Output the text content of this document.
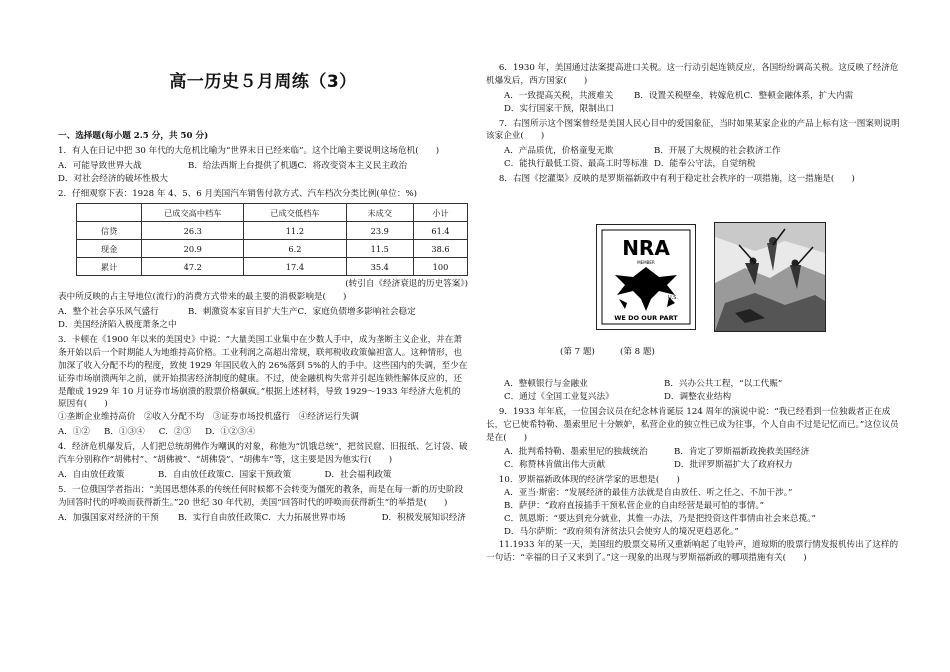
高一历史５月周练（3）

一、选择题(每小题 2.5 分，共 50 分)

1．有人在日记中把 30 年代的大危机比喻为“世界末日已经来临”。这个比喻主要说明这场危机(　　)

A．可能导致世界大战	B．给法西斯上台提供了机遇 C．将改变资本主义民主政治
D．对社会经济的破坏性极大

2．仔细观察下表：1928 年 4、5、6 月美国汽车销售付款方式、汽车档次分类比例(单位：%)

	已成交高中档车	已成交低档车	未成交	小计
信贷	26.3	11.2	23.9	61.4
现金	20.9	6.2	11.5	38.6
累计	47.2	17.4	35.4	100

(转引自《经济衰退的历史答案》)

表中所反映的占主导地位(流行)的消费方式带来的最主要的消极影响是(　　)

A．整个社会享乐风气盛行	B．刺激资本家盲目扩大生产 C．家庭负债增多影响社会稳定
D．美国经济陷入极度萧条之中

3．卡顿在《1900 年以来的美国史》中说：“大量美国工业集中在少数人手中，成为垄断主义企业，并在萧条开始以后一个时期能人为地维持高价格。工业利润之高超出常规，联邦税收政策偏袒富人。这种情形，也加深了收入分配不均的程度，致使 1929 年国民收入的 26%落到 5%的人的手中。这些国内的失调，至少在证券市场崩溃两年之前，就开始损害经济制度的健康。不过，使金融机构失常并引起连锁性解体反应的，还是酿成 1929 年 10 月证券市场崩溃的股票价格飙疯。”根据上述材料，导致 1929～1933 年经济大危机的原因有(　　)

①垄断企业维持高价　②收入分配不均　③证券市场投机盛行　④经济运行失调

A．①② B．①③④ C．②③ D．①②③④

4．经济危机爆发后，人们把总统胡佛作为嘲讽的对象，称他为“饥饿总统”，把贫民窟、旧报纸、乞讨袋、破汽车分别称作“胡佛村”、“胡佛被”、“胡佛袋”、“胡佛车”等，这主要是因为他实行(　　)

A．自由放任政策	B．自由放任政策 C．国家干预政策	D．社会福利政策

5．一位俄国学者指出：“美国思想体系的传统任何时候都不会转变为僵死的教条，而是在每一新的历史阶段为回答时代的呼唤而获得新生。”20 世纪 30 年代初，美国“回答时代的呼唤而获得新生”的举措是(　　)

A．加强国家对经济的干预	B．实行自由放任政策 C．大力拓展世界市场	D．积极发展知识经济

6．1930 年，美国通过法案提高进口关税。这一行动引起连锁反应，各国纷纷调高关税。这反映了经济危机爆发后，西方国家(　　)

A．一致提高关税，共渡难关	B．设置关税壁垒，转嫁危机 C．整顿金融体系，扩大内需
D．实行国家干预，限制出口

7．右图所示这个图案曾经是美国人民心目中的爱国象征，当时如果某家企业的产品上标有这一图案则说明该家企业(　　)

A．产品质优，价格童叟无欺	B．开展了大规模的社会救济工作
C．能执行最低工资、最高工时等标准 D．能奉公守法，自觉纳税

8．右图《挖灌渠》反映的是罗斯福新政中有利于稳定社会秩序的一项措施，这一措施是(　　)

NRA
MEMBER
U.S.
WE DO OUR PART
(第 7 题)	(第 8 题)
A．整顿银行与金融业	B．兴办公共工程，“以工代赈”
C．通过《全国工业复兴法》	D．调整农业结构

9．1933 年年底，一位国会议员在纪念林肯诞辰 124 周年的演说中说：“我已经看到一位独裁者正在成长，它已使希特勒、墨索里尼十分嫉妒，私营企业的独立性已成为往事，个人自由不过是记忆而已。”这位议员是在(　　)

A．批判希特勒、墨索里尼的独裁统治	B．肯定了罗斯福新政挽救美国经济
C．称赞林肯做出伟大贡献	D．批评罗斯福扩大了政府权力

10．罗斯福新政体现的经济学家的思想是(　　)

A．亚当·斯密：“发展经济的最佳方法就是自由放任、听之任之、不加干涉。”

B．萨伊：“政府直接插手干预私营企业的自由经营是最可怕的事情。”

C．凯恩斯：“要达到充分就业，其惟一办法，乃是把投资这件事情由社会来总揽。”

D．马尔萨斯：“政府须有济贫法只会使穷人的境况更趋恶化。”

11.1933 年的某一天，美国纽约股票交易所又重新响起了电铃声，道琼斯的股票行情发报机传出了这样的一句话：“幸福的日子又来到了。”这一现象的出现与罗斯福新政的哪项措施有关(　　)
